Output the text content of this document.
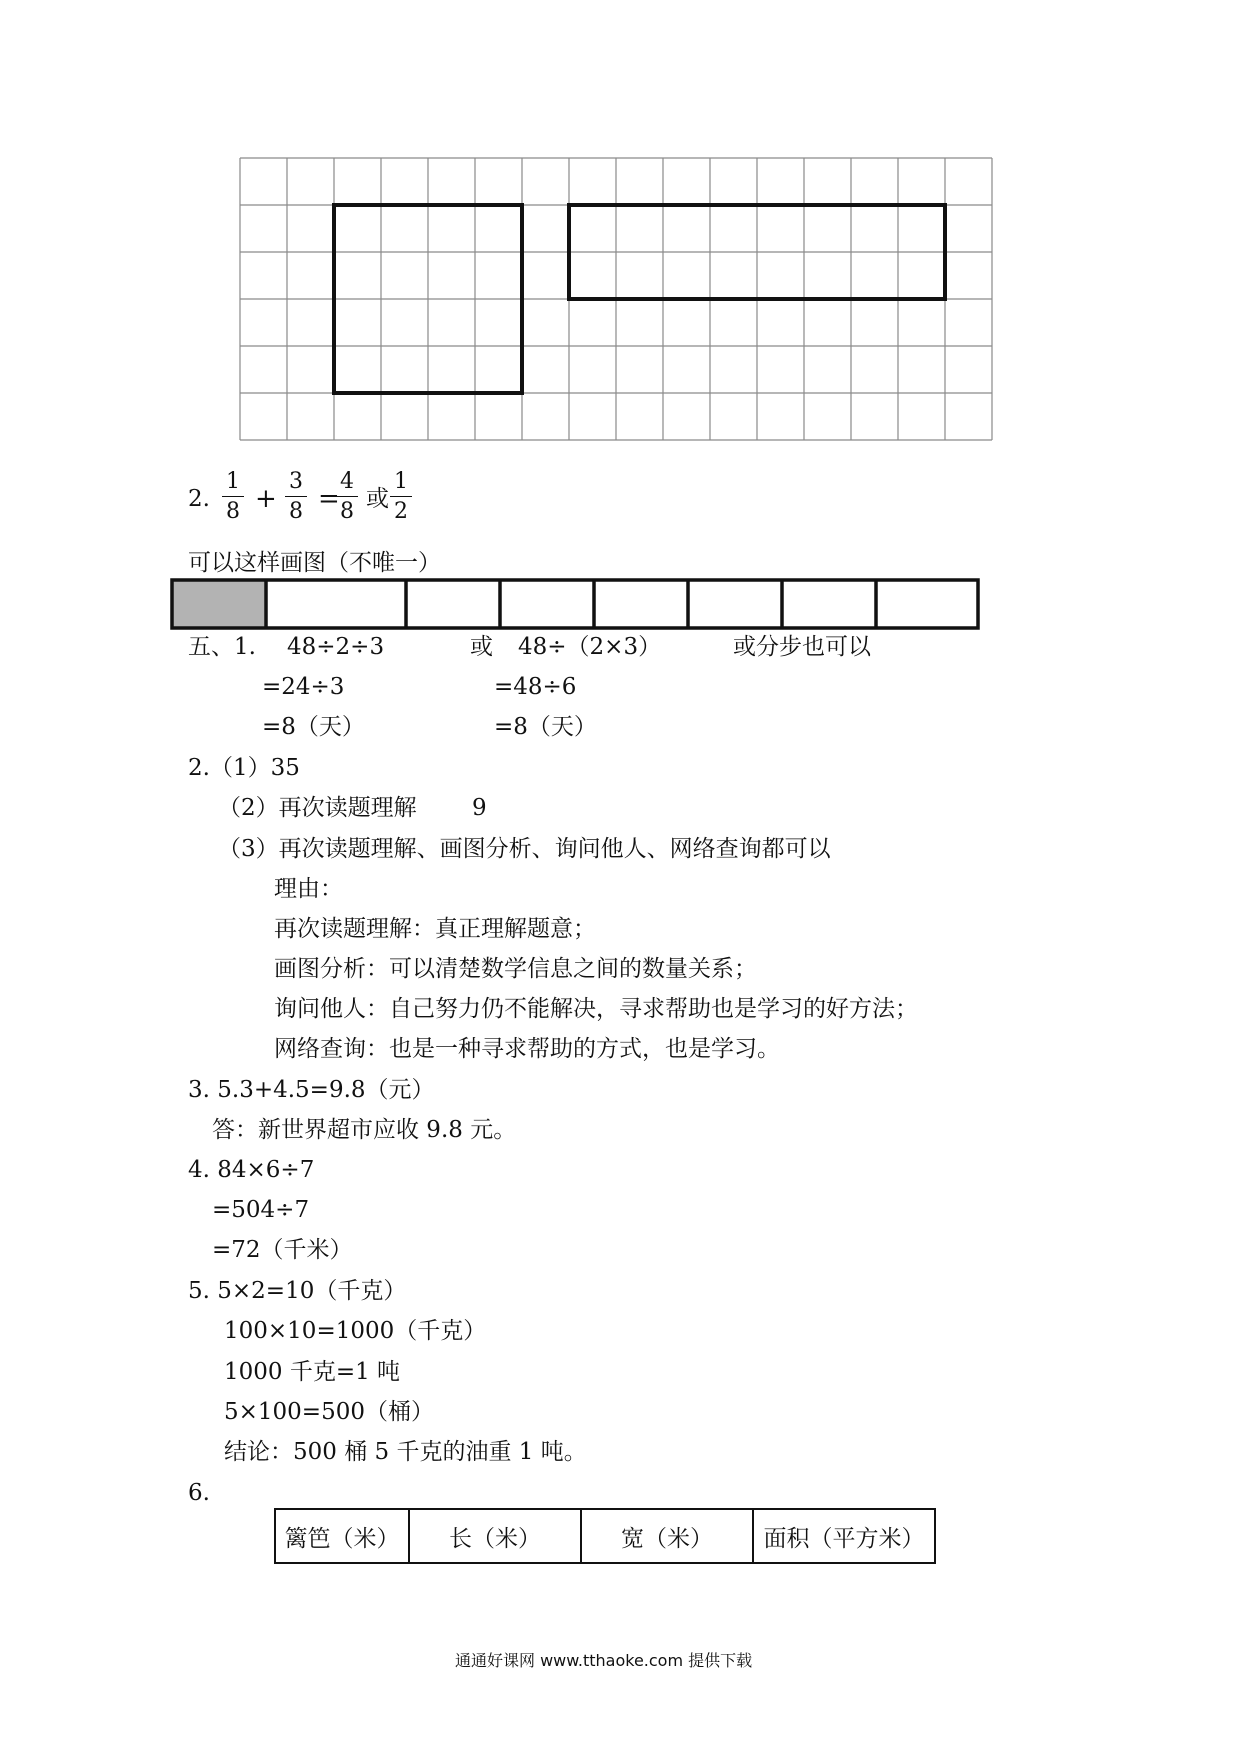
2.
1
8 +
3
8 =
4
8 或
1
2
可以这样画图（不唯一）
五、1. 48÷2÷3	或 48÷（2×3）	或分步也可以
=24÷3	=48÷6
=8（天）	=8（天）
2.（1）35
（2）再次读题理解 9
（3）再次读题理解、画图分析、询问他人、网络查询都可以
理由：
再次读题理解：真正理解题意；
画图分析：可以清楚数学信息之间的数量关系；
询问他人：自己努力仍不能解决，寻求帮助也是学习的好方法；
网络查询：也是一种寻求帮助的方式，也是学习。
3. 5.3+4.5=9.8（元）
答：新世界超市应收 9.8 元。
4. 84×6÷7
=504÷7
=72（千米）
5. 5×2=10（千克）
100×10=1000（千克）
1000 千克=1 吨
5×100=500（桶）
结论：500 桶 5 千克的油重 1 吨。
6.
篱笆（米）	长（米）	宽（米）	面积（平方米）
通通好课网 www.tthaoke.com 提供下载
